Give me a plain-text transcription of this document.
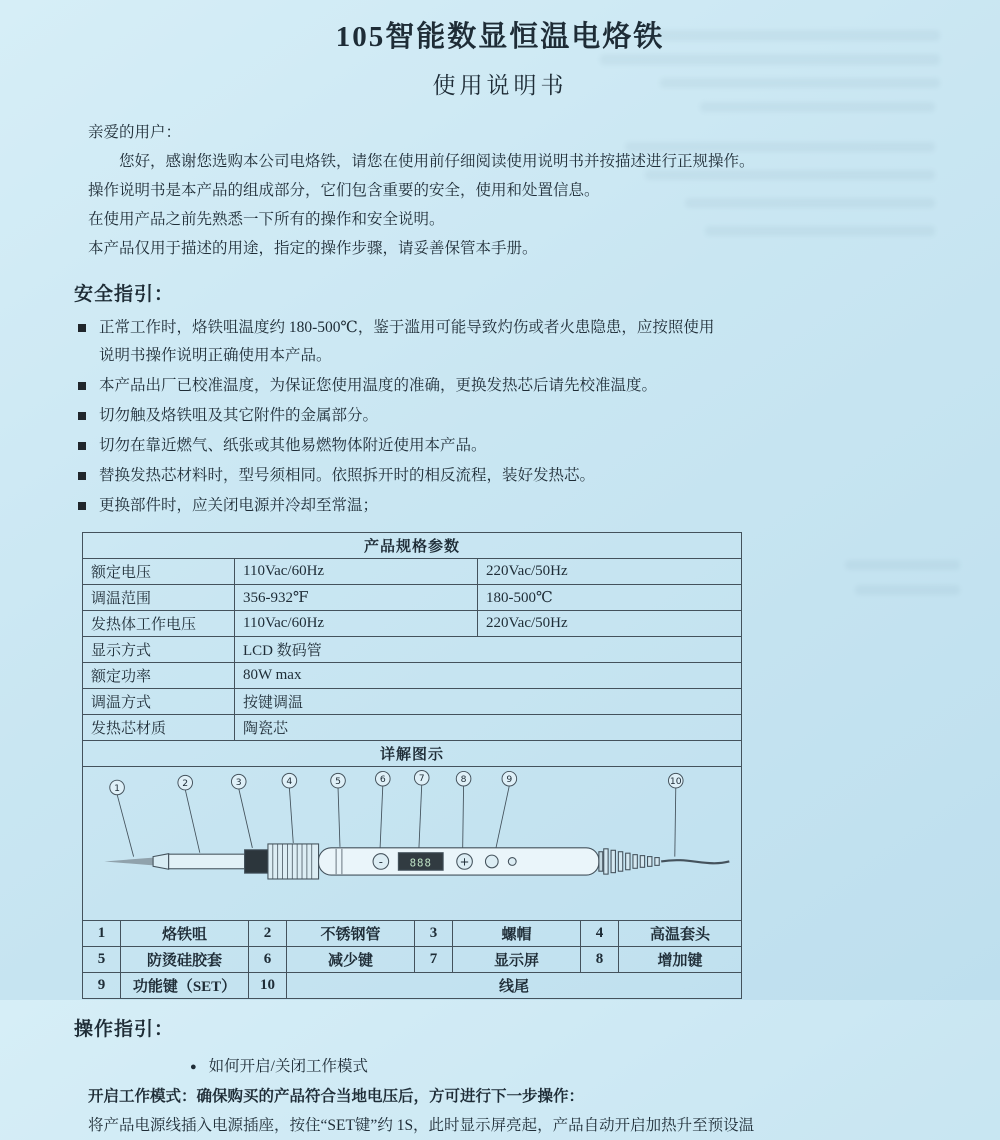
105智能数显恒温电烙铁
使用说明书

亲爱的用户：

您好，感谢您选购本公司电烙铁，请您在使用前仔细阅读使用说明书并按描述进行正规操作。

操作说明书是本产品的组成部分，它们包含重要的安全，使用和处置信息。

在使用产品之前先熟悉一下所有的操作和安全说明。

本产品仅用于描述的用途，指定的操作步骤，请妥善保管本手册。

安全指引：
正常工作时，烙铁咀温度约 180-500℃，鉴于滥用可能导致灼伤或者火患隐患，应按照使用说明书操作说明正确使用本产品。
本产品出厂已校准温度，为保证您使用温度的准确，更换发热芯后请先校准温度。
切勿触及烙铁咀及其它附件的金属部分。
切勿在靠近燃气、纸张或其他易燃物体附近使用本产品。
替换发热芯材料时，型号须相同。依照拆开时的相反流程，装好发热芯。
更换部件时，应关闭电源并冷却至常温；
产品规格参数		
额定电压	110Vac/60Hz	220Vac/50Hz
调温范围	356-932℉	180-500℃
发热体工作电压	110Vac/60Hz	220Vac/50Hz
显示方式	LCD 数码管	
额定功率	80W max	
调温方式	按键调温	
发热芯材质	陶瓷芯	
详解图示		

1	2	3	4	5	6	7	8	9	10
- 888 +
1	烙铁咀	2	不锈钢管	3	螺帽	4	高温套头
5	防烫硅胶套	6	减少键	7	显示屏	8	增加键
9	功能键（SET）	10	线尾				
操作指引：
● 如何开启/关闭工作模式

开启工作模式：确保购买的产品符合当地电压后，方可进行下一步操作：

将产品电源线插入电源插座，按住“SET键”约 1S，此时显示屏亮起，产品自动开启加热升至预设温
